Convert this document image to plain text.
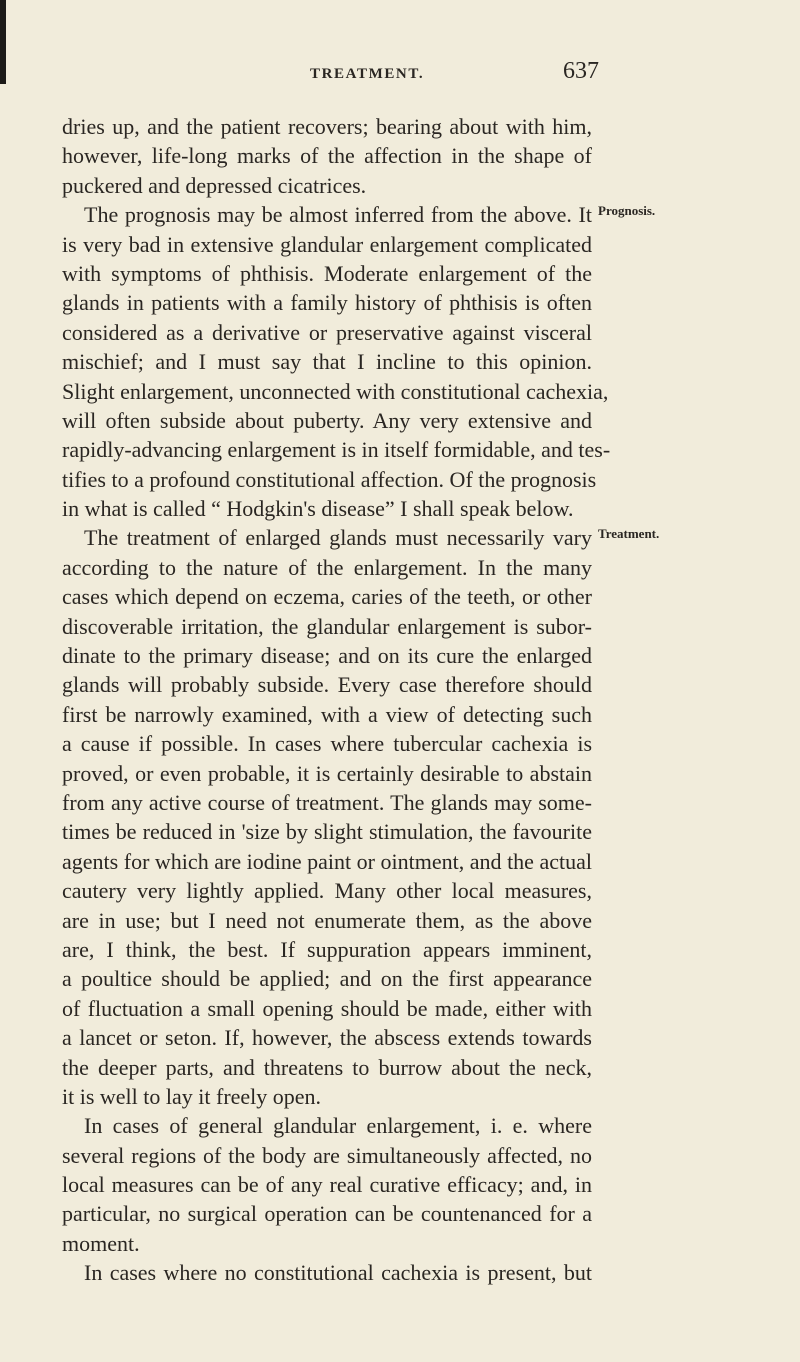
TREATMENT.	637
Prognosis.
Treatment.
dries up, and the patient recovers; bearing about with him,
however, life-long marks of the affection in the shape of
puckered and depressed cicatrices.
The prognosis may be almost inferred from the above. It
is very bad in extensive glandular enlargement complicated
with symptoms of phthisis. Moderate enlargement of the
glands in patients with a family history of phthisis is often
considered as a derivative or preservative against visceral
mischief; and I must say that I incline to this opinion.
Slight enlargement, unconnected with constitutional cachexia,
will often subside about puberty. Any very extensive and
rapidly-advancing enlargement is in itself formidable, and tes-
tifies to a profound constitutional affection. Of the prognosis
in what is called “ Hodgkin's disease” I shall speak below.
The treatment of enlarged glands must necessarily vary
according to the nature of the enlargement. In the many
cases which depend on eczema, caries of the teeth, or other
discoverable irritation, the glandular enlargement is subor-
dinate to the primary disease; and on its cure the enlarged
glands will probably subside. Every case therefore should
first be narrowly examined, with a view of detecting such
a cause if possible. In cases where tubercular cachexia is
proved, or even probable, it is certainly desirable to abstain
from any active course of treatment. The glands may some-
times be reduced in 'size by slight stimulation, the favourite
agents for which are iodine paint or ointment, and the actual
cautery very lightly applied. Many other local measures,
are in use; but I need not enumerate them, as the above
are, I think, the best. If suppuration appears imminent,
a poultice should be applied; and on the first appearance
of fluctuation a small opening should be made, either with
a lancet or seton. If, however, the abscess extends towards
the deeper parts, and threatens to burrow about the neck,
it is well to lay it freely open.
In cases of general glandular enlargement, i. e. where
several regions of the body are simultaneously affected, no
local measures can be of any real curative efficacy; and, in
particular, no surgical operation can be countenanced for a
moment.
In cases where no constitutional cachexia is present, but
